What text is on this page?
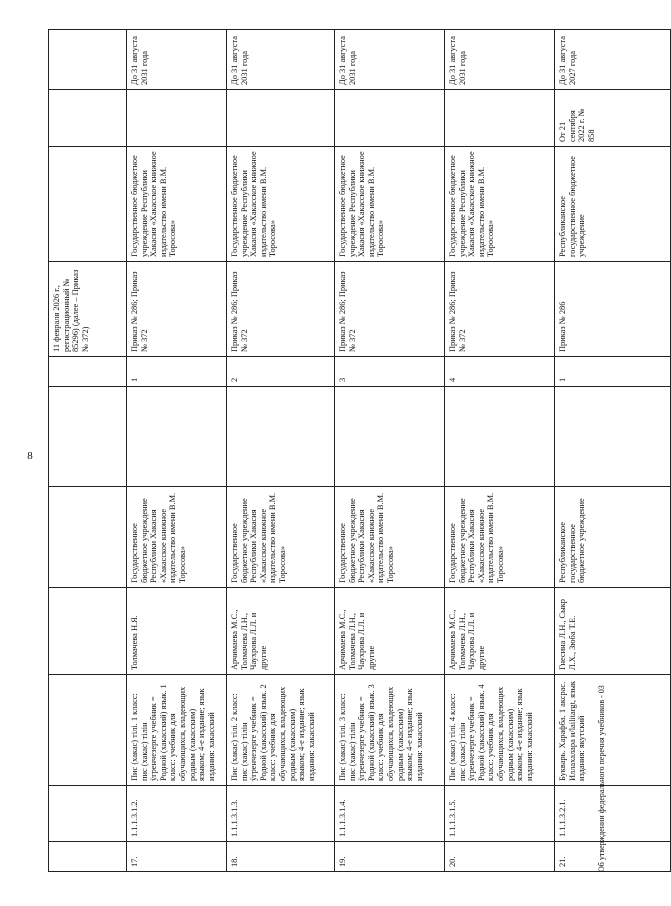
8
							11 февраля 2026 г., регистрационный № 85296) (далее – Приказ № 372)			
17.	1.1.1.3.1.2.	Пис (хакас) тілі. 1 класс: пис (хакас) тілін ÿгренчезерге учебник = Родной (хакасский) язык. 1 класс: учебник для обучающихся, владеющих родным (хакасским) языком; 4-е издание; язык издания: хакасский	Толмачева Н.Я.	Государственное бюджетное учреждение Республики Хакасия «Хакасское книжное издательство имени В.М. Торосова»		1	Приказ № 286; Приказ № 372	Государственное бюджетное учреждение Республики Хакасия «Хакасское книжное издательство имени В.М. Торосова»		До 31 августа 2031 года
18.	1.1.1.3.1.3.	Пис (хакас) тілі. 2 класс: пис (хакас) тілін ÿгренчезерге учебник = Родной (хакасский) язык. 2 класс: учебник для обучающихся, владеющих родным (хакасским) языком; 4-е издание; язык издания: хакасский	Арчимаева М.С., Толмачева Л.Н., Чаухрова Л.Л. и другие	Государственное бюджетное учреждение Республики Хакасия «Хакасское книжное издательство имени В.М. Торосова»		2	Приказ № 286; Приказ № 372	Государственное бюджетное учреждение Республики Хакасия «Хакасское книжное издательство имени В.М. Торосова»		До 31 августа 2031 года
19.	1.1.1.3.1.4.	Пис (хакас) тілі. 3 класс: пис (хакас) тілін ÿгренчезерге учебник = Родной (хакасский) язык. 3 класс: учебник для обучающихся, владеющих родным (хакасским) языком; 4-е издание; язык издания: хакасский	Арчимаева М.С., Толмачева Л.Н., Чаухрова Л.Л. и другие	Государственное бюджетное учреждение Республики Хакасия «Хакасское книжное издательство имени В.М. Торосова»		3	Приказ № 286; Приказ № 372	Государственное бюджетное учреждение Республики Хакасия «Хакасское книжное издательство имени В.М. Торосова»		До 31 августа 2031 года
20.	1.1.1.3.1.5.	Пис (хакас) тілі. 4 класс: пис (хакас) тілін ÿгренчезерге учебник = Родной (хакасский) язык. 4 класс: учебник для обучающихся, владеющих родным (хакасским) языком; 4-е издание; язык издания: хакасский	Арчимаева М.С., Толмачева Л.Н., Чаухрова Л.Л. и другие	Государственное бюджетное учреждение Республики Хакасия «Хакасское книжное издательство имени В.М. Торосова»		4	Приказ № 286; Приказ № 372	Государственное бюджетное учреждение Республики Хакасия «Хакасское книжное издательство имени В.М. Торосова»		До 31 августа 2031 года
21.	1.1.1.3.2.1.	Букварь. Харафба. 1 аксрас. Иллахалара и/lailitargt, язык издания: якутский	Гнесина Л.Н., Сыкр Л.Х., Зюба Т.Е.	Республиканское государственное бюджетное учреждение		1	Приказ № 286	Республиканское государственное бюджетное учреждение	От 21 сентября 2022 г. № 858	До 31 августа 2027 года
Об утверждении федерального перечня учебников - 03
